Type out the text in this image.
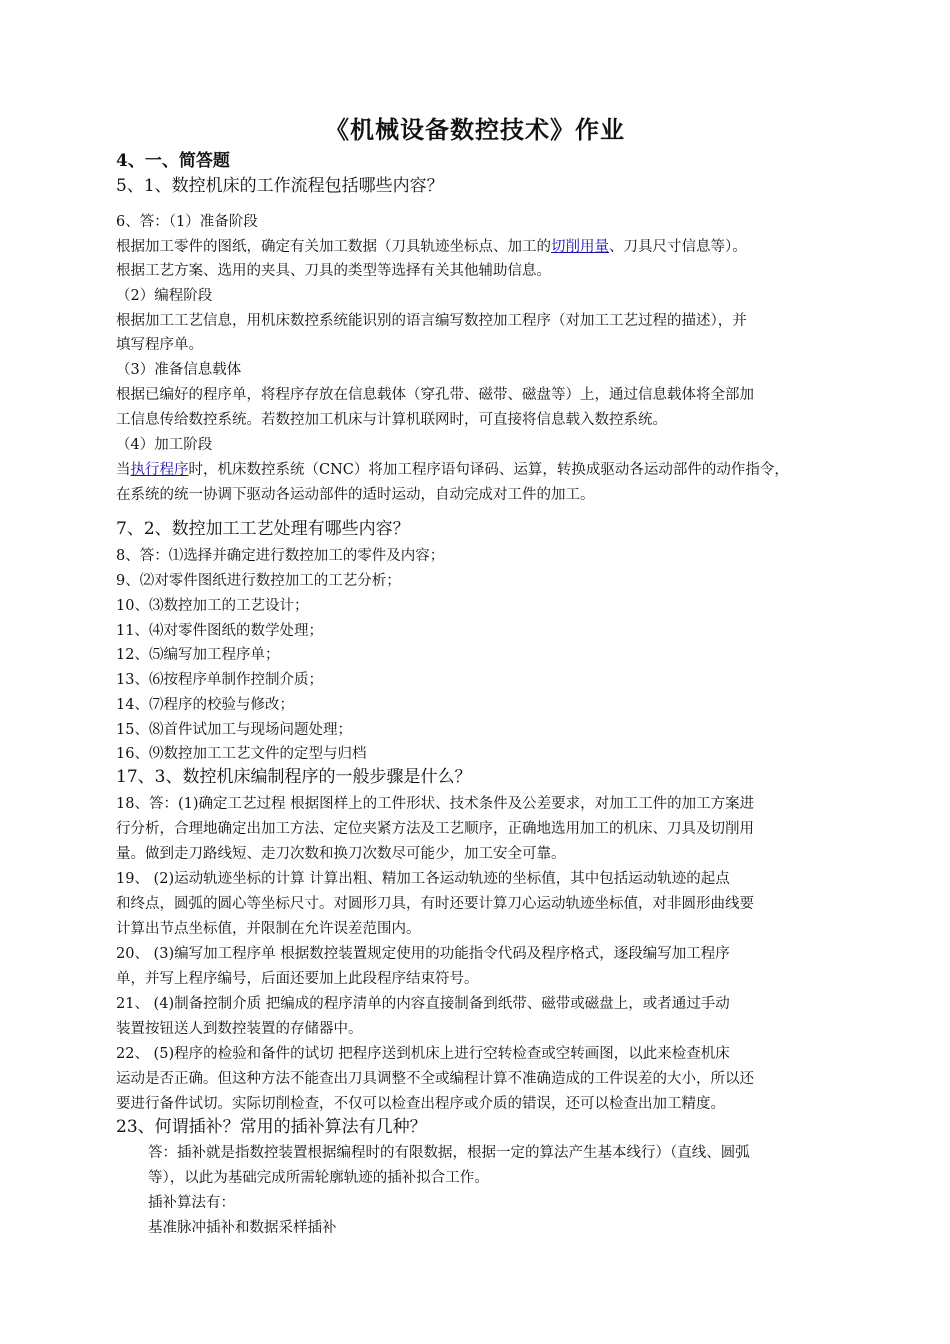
《机械设备数控技术》作业
4、一、简答题
5、1、数控机床的工作流程包括哪些内容？
6、答：（1）准备阶段
根据加工零件的图纸，确定有关加工数据（刀具轨迹坐标点、加工的切削用量、刀具尺寸信息等）。
根据工艺方案、选用的夹具、刀具的类型等选择有关其他辅助信息。
（2）编程阶段
根据加工工艺信息，用机床数控系统能识别的语言编写数控加工程序（对加工工艺过程的描述），并
填写程序单。
（3）准备信息载体
根据已编好的程序单，将程序存放在信息载体（穿孔带、磁带、磁盘等）上，通过信息载体将全部加
工信息传给数控系统。若数控加工机床与计算机联网时，可直接将信息载入数控系统。
（4）加工阶段
当执行程序时，机床数控系统（CNC）将加工程序语句译码、运算，转换成驱动各运动部件的动作指令，
在系统的统一协调下驱动各运动部件的适时运动，自动完成对工件的加工。
7、2、数控加工工艺处理有哪些内容？
8、答：⑴选择并确定进行数控加工的零件及内容；
9、⑵对零件图纸进行数控加工的工艺分析；
10、⑶数控加工的工艺设计；
11、⑷对零件图纸的数学处理；
12、⑸编写加工程序单；
13、⑹按程序单制作控制介质；
14、⑺程序的校验与修改；
15、⑻首件试加工与现场问题处理；
16、⑼数控加工工艺文件的定型与归档
17、3、数控机床编制程序的一般步骤是什么？
18、答：(1)确定工艺过程 根据图样上的工件形状、技术条件及公差要求，对加工工件的加工方案进
行分析，合理地确定出加工方法、定位夹紧方法及工艺顺序，正确地选用加工的机床、刀具及切削用
量。做到走刀路线短、走刀次数和换刀次数尽可能少，加工安全可靠。
19、 (2)运动轨迹坐标的计算 计算出粗、精加工各运动轨迹的坐标值，其中包括运动轨迹的起点
和终点，圆弧的圆心等坐标尺寸。对圆形刀具，有时还要计算刀心运动轨迹坐标值，对非圆形曲线要
计算出节点坐标值，并限制在允许误差范围内。
20、 (3)编写加工程序单 根据数控装置规定使用的功能指令代码及程序格式，逐段编写加工程序
单，并写上程序编号，后面还要加上此段程序结束符号。
21、 (4)制备控制介质 把编成的程序清单的内容直接制备到纸带、磁带或磁盘上，或者通过手动
装置按钮送人到数控装置的存储器中。
22、 (5)程序的检验和备件的试切 把程序送到机床上进行空转检查或空转画图，以此来检查机床
运动是否正确。但这种方法不能查出刀具调整不全或编程计算不准确造成的工件误差的大小，所以还
要进行备件试切。实际切削检查，不仅可以检查出程序或介质的错误，还可以检查出加工精度。
23、何谓插补？常用的插补算法有几种？
答：插补就是指数控装置根据编程时的有限数据，根据一定的算法产生基本线行）（直线、圆弧
等），以此为基础完成所需轮廓轨迹的插补拟合工作。
插补算法有：
基准脉冲插补和数据采样插补
